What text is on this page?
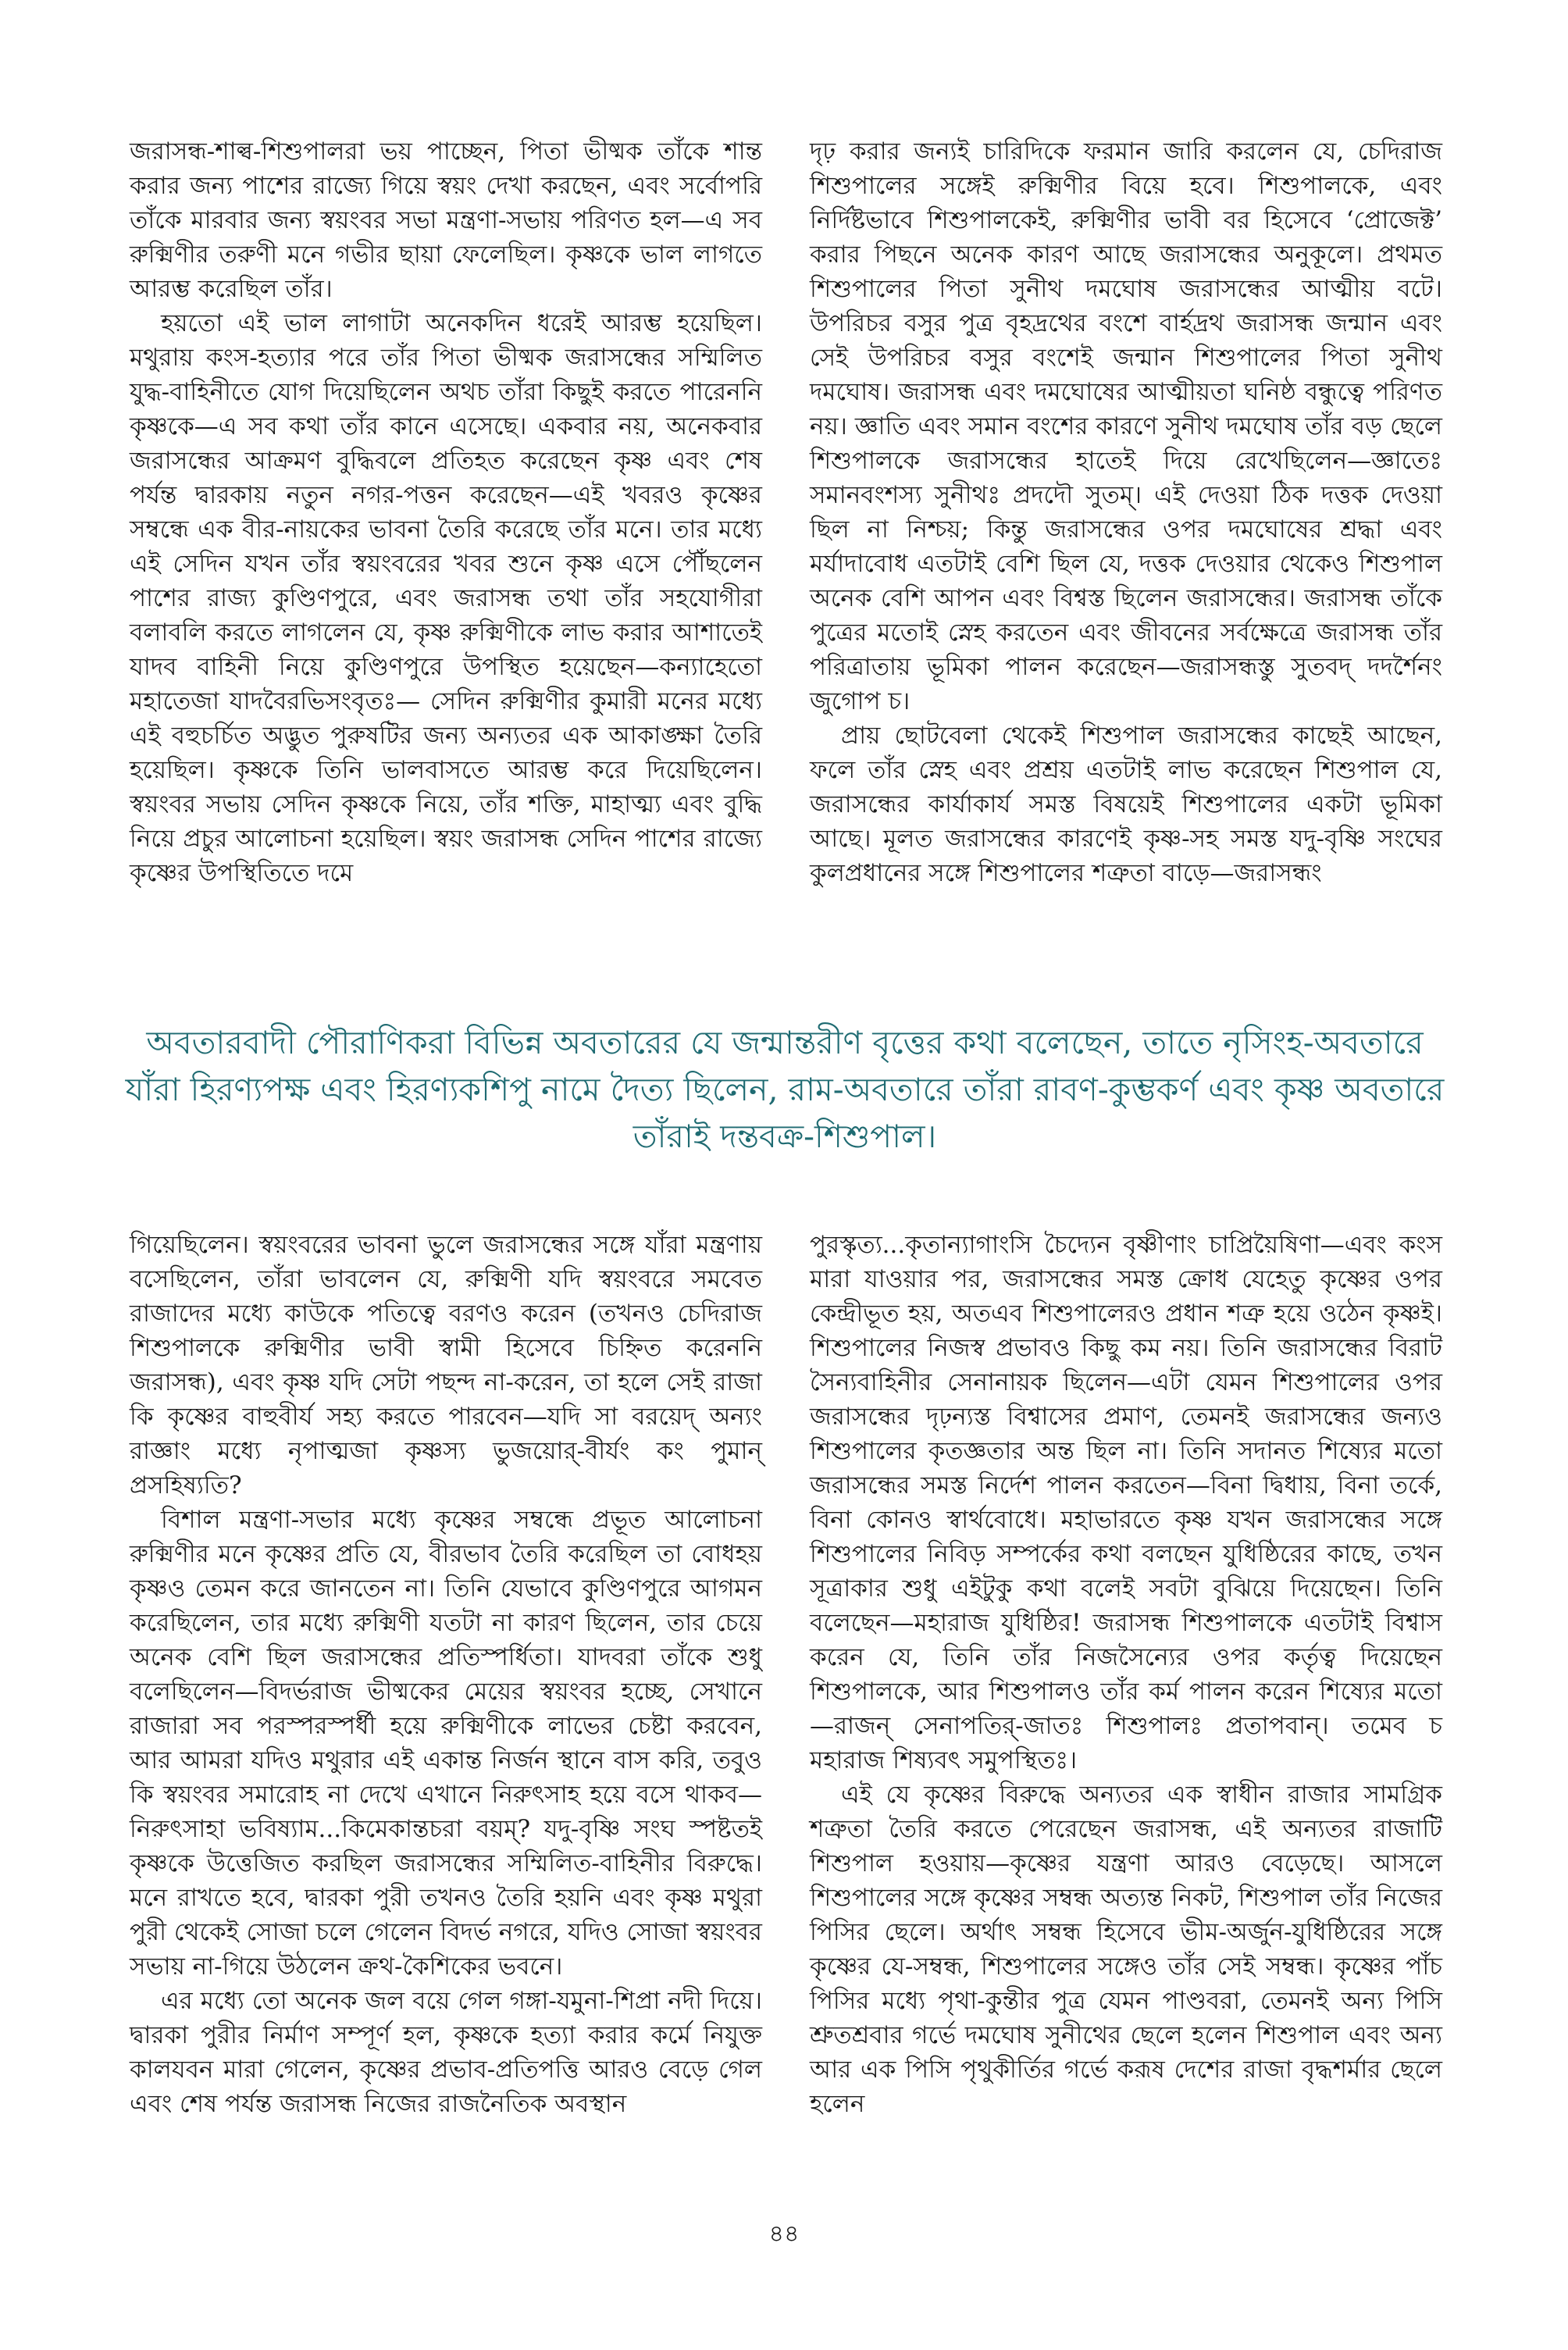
জরাসন্ধ-শাল্ব-শিশুপালরা ভয় পাচ্ছেন, পিতা ভীষ্মক তাঁকে শান্ত করার জন্য পাশের রাজ্যে গিয়ে স্বয়ং দেখা করছেন, এবং সর্বোপরি তাঁকে মারবার জন্য স্বয়ংবর সভা মন্ত্রণা-সভায় পরিণত হল—এ সব রুক্মিণীর তরুণী মনে গভীর ছায়া ফেলেছিল। কৃষ্ণকে ভাল লাগতে আরম্ভ করেছিল তাঁর।

হয়তো এই ভাল লাগাটা অনেকদিন ধরেই আরম্ভ হয়েছিল। মথুরায় কংস-হত্যার পরে তাঁর পিতা ভীষ্মক জরাসন্ধের সম্মিলিত যুদ্ধ-বাহিনীতে যোগ দিয়েছিলেন অথচ তাঁরা কিছুই করতে পারেননি কৃষ্ণকে—এ সব কথা তাঁর কানে এসেছে। একবার নয়, অনেকবার জরাসন্ধের আক্রমণ বুদ্ধিবলে প্রতিহত করেছেন কৃষ্ণ এবং শেষ পর্যন্ত দ্বারকায় নতুন নগর-পত্তন করেছেন—এই খবরও কৃষ্ণের সম্বন্ধে এক বীর-নায়কের ভাবনা তৈরি করেছে তাঁর মনে। তার মধ্যে এই সেদিন যখন তাঁর স্বয়ংবরের খবর শুনে কৃষ্ণ এসে পৌঁছলেন পাশের রাজ্য কুণ্ডিণপুরে, এবং জরাসন্ধ তথা তাঁর সহযোগীরা বলাবলি করতে লাগলেন যে, কৃষ্ণ রুক্মিণীকে লাভ করার আশাতেই যাদব বাহিনী নিয়ে কুণ্ডিণপুরে উপস্থিত হয়েছেন—কন্যাহেতো মহাতেজা যাদবৈরভিসংবৃতঃ— সেদিন রুক্মিণীর কুমারী মনের মধ্যে এই বহুচর্চিত অদ্ভুত পুরুষটির জন্য অন্যতর এক আকাঙ্ক্ষা তৈরি হয়েছিল। কৃষ্ণকে তিনি ভালবাসতে আরম্ভ করে দিয়েছিলেন। স্বয়ংবর সভায় সেদিন কৃষ্ণকে নিয়ে, তাঁর শক্তি, মাহাত্ম্য এবং বুদ্ধি নিয়ে প্রচুর আলোচনা হয়েছিল। স্বয়ং জরাসন্ধ সেদিন পাশের রাজ্যে কৃষ্ণের উপস্থিতিতে দমে

দৃঢ় করার জন্যই চারিদিকে ফরমান জারি করলেন যে, চেদিরাজ শিশুপালের সঙ্গেই রুক্মিণীর বিয়ে হবে। শিশুপালকে, এবং নির্দিষ্টভাবে শিশুপালকেই, রুক্মিণীর ভাবী বর হিসেবে ‘প্রোজেক্ট’ করার পিছনে অনেক কারণ আছে জরাসন্ধের অনুকূলে। প্রথমত শিশুপালের পিতা সুনীথ দমঘোষ জরাসন্ধের আত্মীয় বটে। উপরিচর বসুর পুত্র বৃহদ্রথের বংশে বার্হদ্রথ জরাসন্ধ জন্মান এবং সেই উপরিচর বসুর বংশেই জন্মান শিশুপালের পিতা সুনীথ দমঘোষ। জরাসন্ধ এবং দমঘোষের আত্মীয়তা ঘনিষ্ঠ বন্ধুত্বে পরিণত নয়। জ্ঞাতি এবং সমান বংশের কারণে সুনীথ দমঘোষ তাঁর বড় ছেলে শিশুপালকে জরাসন্ধের হাতেই দিয়ে রেখেছিলেন—জ্ঞাতেঃ সমানবংশস্য সুনীথঃ প্রদদৌ সুতম্। এই দেওয়া ঠিক দত্তক দেওয়া ছিল না নিশ্চয়; কিন্তু জরাসন্ধের ওপর দমঘোষের শ্রদ্ধা এবং মর্যাদাবোধ এতটাই বেশি ছিল যে, দত্তক দেওয়ার থেকেও শিশুপাল অনেক বেশি আপন এবং বিশ্বস্ত ছিলেন জরাসন্ধের। জরাসন্ধ তাঁকে পুত্রের মতোই স্নেহ করতেন এবং জীবনের সর্বক্ষেত্রে জরাসন্ধ তাঁর পরিত্রাতায় ভূমিকা পালন করেছেন—জরাসন্ধস্তু সুতবদ্ দদর্শৈনং জুগোপ চ।

প্রায় ছোটবেলা থেকেই শিশুপাল জরাসন্ধের কাছেই আছেন, ফলে তাঁর স্নেহ এবং প্রশ্রয় এতটাই লাভ করেছেন শিশুপাল যে, জরাসন্ধের কার্যাকার্য সমস্ত বিষয়েই শিশুপালের একটা ভূমিকা আছে। মূলত জরাসন্ধের কারণেই কৃষ্ণ-সহ সমস্ত যদু-বৃষ্ণি সংঘের কুলপ্রধানের সঙ্গে শিশুপালের শত্রুতা বাড়ে—জরাসন্ধং

অবতারবাদী পৌরাণিকরা বিভিন্ন অবতারের যে জন্মান্তরীণ বৃত্তের কথা বলেছেন, তাতে নৃসিংহ-অবতারে যাঁরা হিরণ্যপক্ষ এবং হিরণ্যকশিপু নামে দৈত্য ছিলেন, রাম-অবতারে তাঁরা রাবণ-কুম্ভকর্ণ এবং কৃষ্ণ অবতারে তাঁরাই দন্তবক্র-শিশুপাল।

গিয়েছিলেন। স্বয়ংবরের ভাবনা ভুলে জরাসন্ধের সঙ্গে যাঁরা মন্ত্রণায় বসেছিলেন, তাঁরা ভাবলেন যে, রুক্মিণী যদি স্বয়ংবরে সমবেত রাজাদের মধ্যে কাউকে পতিত্বে বরণও করেন (তখনও চেদিরাজ শিশুপালকে রুক্মিণীর ভাবী স্বামী হিসেবে চিহ্নিত করেননি জরাসন্ধ), এবং কৃষ্ণ যদি সেটা পছন্দ না-করেন, তা হলে সেই রাজা কি কৃষ্ণের বাহুবীর্য সহ্য করতে পারবেন—যদি সা বরয়েদ্ অন্যং রাজ্ঞাং মধ্যে নৃপাত্মজা কৃষ্ণস্য ভুজয়োর্-বীর্যং কং পুমান্ প্রসহিষ্যতি?

বিশাল মন্ত্রণা-সভার মধ্যে কৃষ্ণের সম্বন্ধে প্রভূত আলোচনা রুক্মিণীর মনে কৃষ্ণের প্রতি যে, বীরভাব তৈরি করেছিল তা বোধহয় কৃষ্ণও তেমন করে জানতেন না। তিনি যেভাবে কুণ্ডিণপুরে আগমন করেছিলেন, তার মধ্যে রুক্মিণী যতটা না কারণ ছিলেন, তার চেয়ে অনেক বেশি ছিল জরাসন্ধের প্রতিস্পর্ধিতা। যাদবরা তাঁকে শুধু বলেছিলেন—বিদর্ভরাজ ভীষ্মকের মেয়ের স্বয়ংবর হচ্ছে, সেখানে রাজারা সব পরস্পরস্পর্ধী হয়ে রুক্মিণীকে লাভের চেষ্টা করবেন, আর আমরা যদিও মথুরার এই একান্ত নির্জন স্থানে বাস করি, তবুও কি স্বয়ংবর সমারোহ না দেখে এখানে নিরুৎসাহ হয়ে বসে থাকব—নিরুৎসাহা ভবিষ্যাম...কিমেকান্তচরা বয়ম্? যদু-বৃষ্ণি সংঘ স্পষ্টতই কৃষ্ণকে উত্তেজিত করছিল জরাসন্ধের সম্মিলিত-বাহিনীর বিরুদ্ধে। মনে রাখতে হবে, দ্বারকা পুরী তখনও তৈরি হয়নি এবং কৃষ্ণ মথুরা পুরী থেকেই সোজা চলে গেলেন বিদর্ভ নগরে, যদিও সোজা স্বয়ংবর সভায় না-গিয়ে উঠলেন ক্রথ-কৈশিকের ভবনে।

এর মধ্যে তো অনেক জল বয়ে গেল গঙ্গা-যমুনা-শিপ্রা নদী দিয়ে। দ্বারকা পুরীর নির্মাণ সম্পূর্ণ হল, কৃষ্ণকে হত্যা করার কর্মে নিযুক্ত কালযবন মারা গেলেন, কৃষ্ণের প্রভাব-প্রতিপত্তি আরও বেড়ে গেল এবং শেষ পর্যন্ত জরাসন্ধ নিজের রাজনৈতিক অবস্থান

পুরস্কৃত্য...কৃতান্যাগাংসি চৈদ্যেন বৃষ্ণীণাং চাপ্রিয়ৈষিণা—এবং কংস মারা যাওয়ার পর, জরাসন্ধের সমস্ত ক্রোধ যেহেতু কৃষ্ণের ওপর কেন্দ্রীভূত হয়, অতএব শিশুপালেরও প্রধান শত্রু হয়ে ওঠেন কৃষ্ণই। শিশুপালের নিজস্ব প্রভাবও কিছু কম নয়। তিনি জরাসন্ধের বিরাট সৈন্যবাহিনীর সেনানায়ক ছিলেন—এটা যেমন শিশুপালের ওপর জরাসন্ধের দৃঢ়ন্যস্ত বিশ্বাসের প্রমাণ, তেমনই জরাসন্ধের জন্যও শিশুপালের কৃতজ্ঞতার অন্ত ছিল না। তিনি সদানত শিষ্যের মতো জরাসন্ধের সমস্ত নির্দেশ পালন করতেন—বিনা দ্বিধায়, বিনা তর্কে, বিনা কোনও স্বার্থবোধে। মহাভারতে কৃষ্ণ যখন জরাসন্ধের সঙ্গে শিশুপালের নিবিড় সম্পর্কের কথা বলছেন যুধিষ্ঠিরের কাছে, তখন সূত্রাকার শুধু এইটুকু কথা বলেই সবটা বুঝিয়ে দিয়েছেন। তিনি বলেছেন—মহারাজ যুধিষ্ঠির! জরাসন্ধ শিশুপালকে এতটাই বিশ্বাস করেন যে, তিনি তাঁর নিজসৈন্যের ওপর কর্তৃত্ব দিয়েছেন শিশুপালকে, আর শিশুপালও তাঁর কর্ম পালন করেন শিষ্যের মতো—রাজন্ সেনাপতির্-জাতঃ শিশুপালঃ প্রতাপবান্। তমেব চ মহারাজ শিষ্যবৎ সমুপস্থিতঃ।

এই যে কৃষ্ণের বিরুদ্ধে অন্যতর এক স্বাধীন রাজার সামগ্রিক শত্রুতা তৈরি করতে পেরেছেন জরাসন্ধ, এই অন্যতর রাজাটি শিশুপাল হওয়ায়—কৃষ্ণের যন্ত্রণা আরও বেড়েছে। আসলে শিশুপালের সঙ্গে কৃষ্ণের সম্বন্ধ অত্যন্ত নিকট, শিশুপাল তাঁর নিজের পিসির ছেলে। অর্থাৎ সম্বন্ধ হিসেবে ভীম-অর্জুন-যুধিষ্ঠিরের সঙ্গে কৃষ্ণের যে-সম্বন্ধ, শিশুপালের সঙ্গেও তাঁর সেই সম্বন্ধ। কৃষ্ণের পাঁচ পিসির মধ্যে পৃথা-কুন্তীর পুত্র যেমন পাণ্ডবরা, তেমনই অন্য পিসি শ্রুতশ্রবার গর্ভে দমঘোষ সুনীথের ছেলে হলেন শিশুপাল এবং অন্য আর এক পিসি পৃথুকীর্তির গর্ভে করূষ দেশের রাজা বৃদ্ধশর্মার ছেলে হলেন

৪৪
